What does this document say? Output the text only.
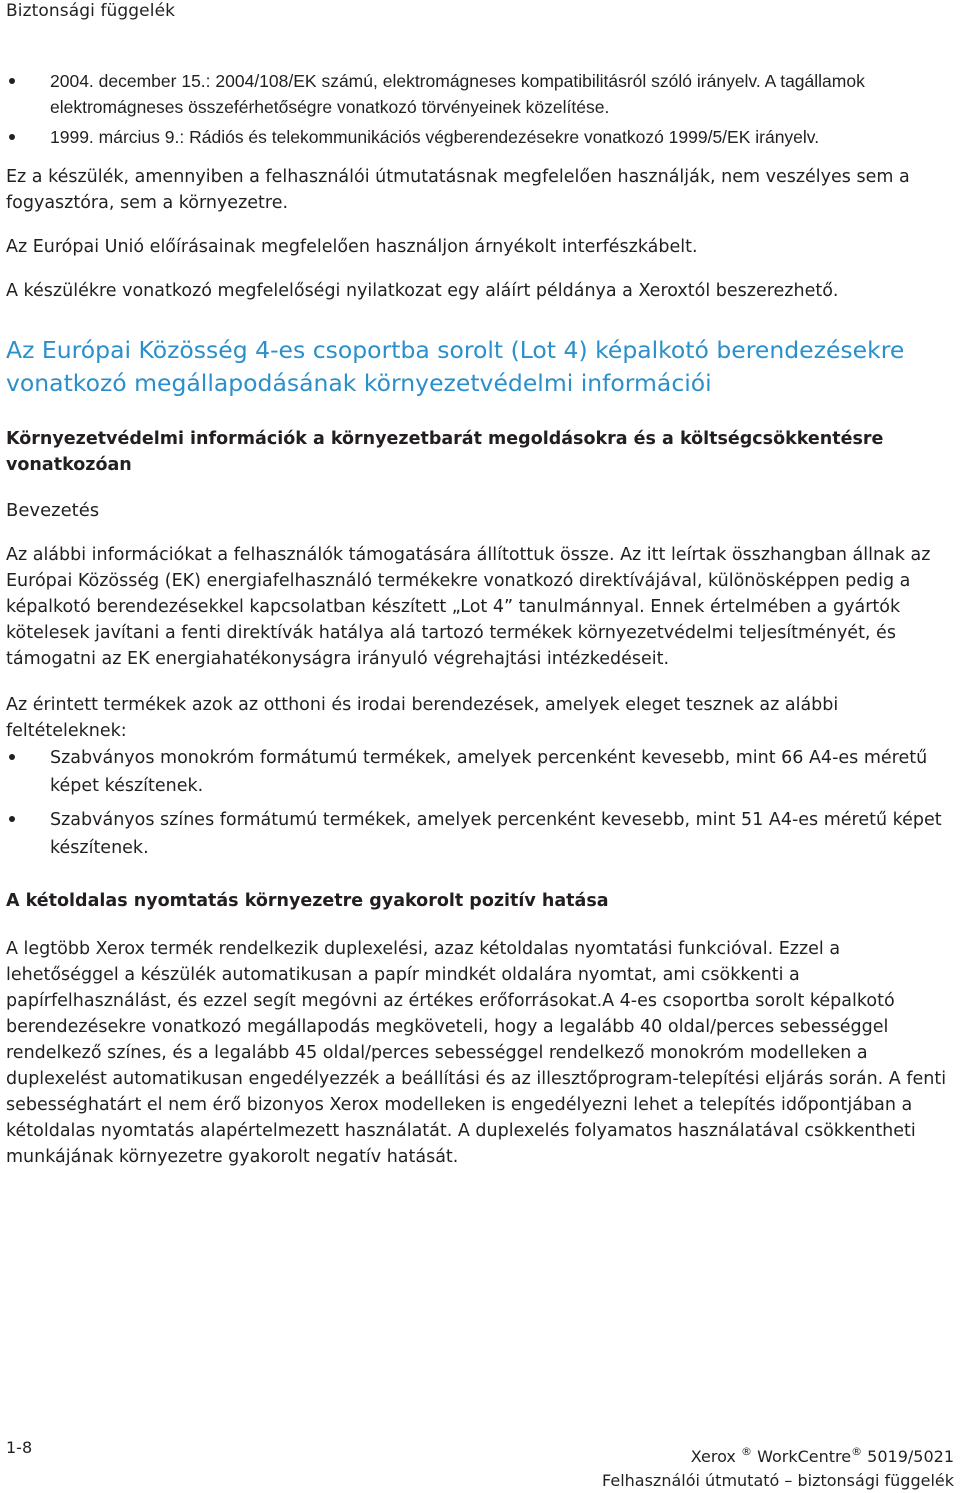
Biztonsági függelék
2004. december 15.: 2004/108/EK számú, elektromágneses kompatibilitásról szóló irányelv. A tagállamok elektromágneses összeférhetőségre vonatkozó törvényeinek közelítése.
1999. március 9.: Rádiós és telekommunikációs végberendezésekre vonatkozó 1999/5/EK irányelv.

Ez a készülék, amennyiben a felhasználói útmutatásnak megfelelően használják, nem veszélyes sem a fogyasztóra, sem a környezetre.

Az Európai Unió előírásainak megfelelően használjon árnyékolt interfészkábelt.

A készülékre vonatkozó megfelelőségi nyilatkozat egy aláírt példánya a Xeroxtól beszerezhető.

Az Európai Közösség 4-es csoportba sorolt (Lot 4) képalkotó berendezésekre vonatkozó megállapodásának környezetvédelmi információi
Környezetvédelmi információk a környezetbarát megoldásokra és a költségcsökkentésre vonatkozóan

Bevezetés

Az alábbi információkat a felhasználók támogatására állítottuk össze. Az itt leírtak összhangban állnak az Európai Közösség (EK) energiafelhasználó termékekre vonatkozó direktívájával, különösképpen pedig a képalkotó berendezésekkel kapcsolatban készített „Lot 4” tanulmánnyal. Ennek értelmében a gyártók kötelesek javítani a fenti direktívák hatálya alá tartozó termékek környezetvédelmi teljesítményét, és támogatni az EK energiahatékonyságra irányuló végrehajtási intézkedéseit.

Az érintett termékek azok az otthoni és irodai berendezések, amelyek eleget tesznek az alábbi feltételeknek:

Szabványos monokróm formátumú termékek, amelyek percenként kevesebb, mint 66 A4-es méretű képet készítenek.
Szabványos színes formátumú termékek, amelyek percenként kevesebb, mint 51 A4-es méretű képet készítenek.
A kétoldalas nyomtatás környezetre gyakorolt pozitív hatása

A legtöbb Xerox termék rendelkezik duplexelési, azaz kétoldalas nyomtatási funkcióval. Ezzel a lehetőséggel a készülék automatikusan a papír mindkét oldalára nyomtat, ami csökkenti a papírfelhasználást, és ezzel segít megóvni az értékes erőforrásokat.A 4-es csoportba sorolt képalkotó berendezésekre vonatkozó megállapodás megköveteli, hogy a legalább 40 oldal/perces sebességgel rendelkező színes, és a legalább 45 oldal/perces sebességgel rendelkező monokróm modelleken a duplexelést automatikusan engedélyezzék a beállítási és az illesztőprogram-telepítési eljárás során. A fenti sebességhatárt el nem érő bizonyos Xerox modelleken is engedélyezni lehet a telepítés időpontjában a kétoldalas nyomtatás alapértelmezett használatát. A duplexelés folyamatos használatával csökkentheti munkájának környezetre gyakorolt negatív hatását.

1-8	Xerox ® WorkCentre® 5019/5021
Felhasználói útmutató – biztonsági függelék
